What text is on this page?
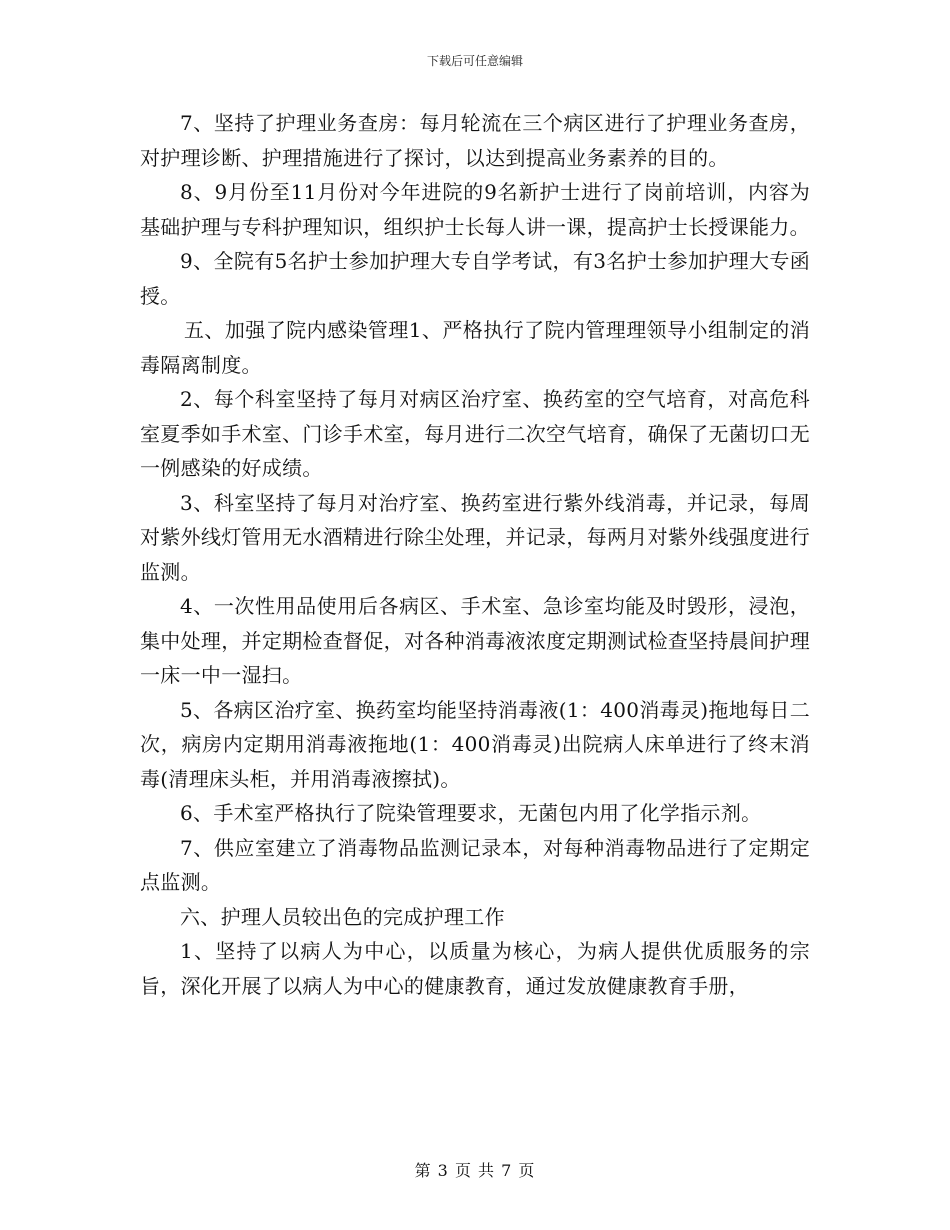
下载后可任意编辑

7、坚持了护理业务查房：每月轮流在三个病区进行了护理业务查房，对护理诊断、护理措施进行了探讨，以达到提高业务素养的目的。

8、9月份至11月份对今年进院的9名新护士进行了岗前培训，内容为基础护理与专科护理知识，组织护士长每人讲一课，提高护士长授课能力。

9、全院有5名护士参加护理大专自学考试，有3名护士参加护理大专函授。

五、加强了院内感染管理1、严格执行了院内管理理领导小组制定的消毒隔离制度。

2、每个科室坚持了每月对病区治疗室、换药室的空气培育，对高危科室夏季如手术室、门诊手术室，每月进行二次空气培育，确保了无菌切口无一例感染的好成绩。

3、科室坚持了每月对治疗室、换药室进行紫外线消毒，并记录，每周对紫外线灯管用无水酒精进行除尘处理，并记录，每两月对紫外线强度进行监测。

4、一次性用品使用后各病区、手术室、急诊室均能及时毁形，浸泡，集中处理，并定期检查督促，对各种消毒液浓度定期测试检查坚持晨间护理一床一中一湿扫。

5、各病区治疗室、换药室均能坚持消毒液(1：400消毒灵)拖地每日二次，病房内定期用消毒液拖地(1：400消毒灵)出院病人床单进行了终末消毒(清理床头柜，并用消毒液擦拭)。

6、手术室严格执行了院染管理要求，无菌包内用了化学指示剂。

7、供应室建立了消毒物品监测记录本，对每种消毒物品进行了定期定点监测。

六、护理人员较出色的完成护理工作

1、坚持了以病人为中心，以质量为核心，为病人提供优质服务的宗旨，深化开展了以病人为中心的健康教育，通过发放健康教育手册，

第 3 页 共 7 页
